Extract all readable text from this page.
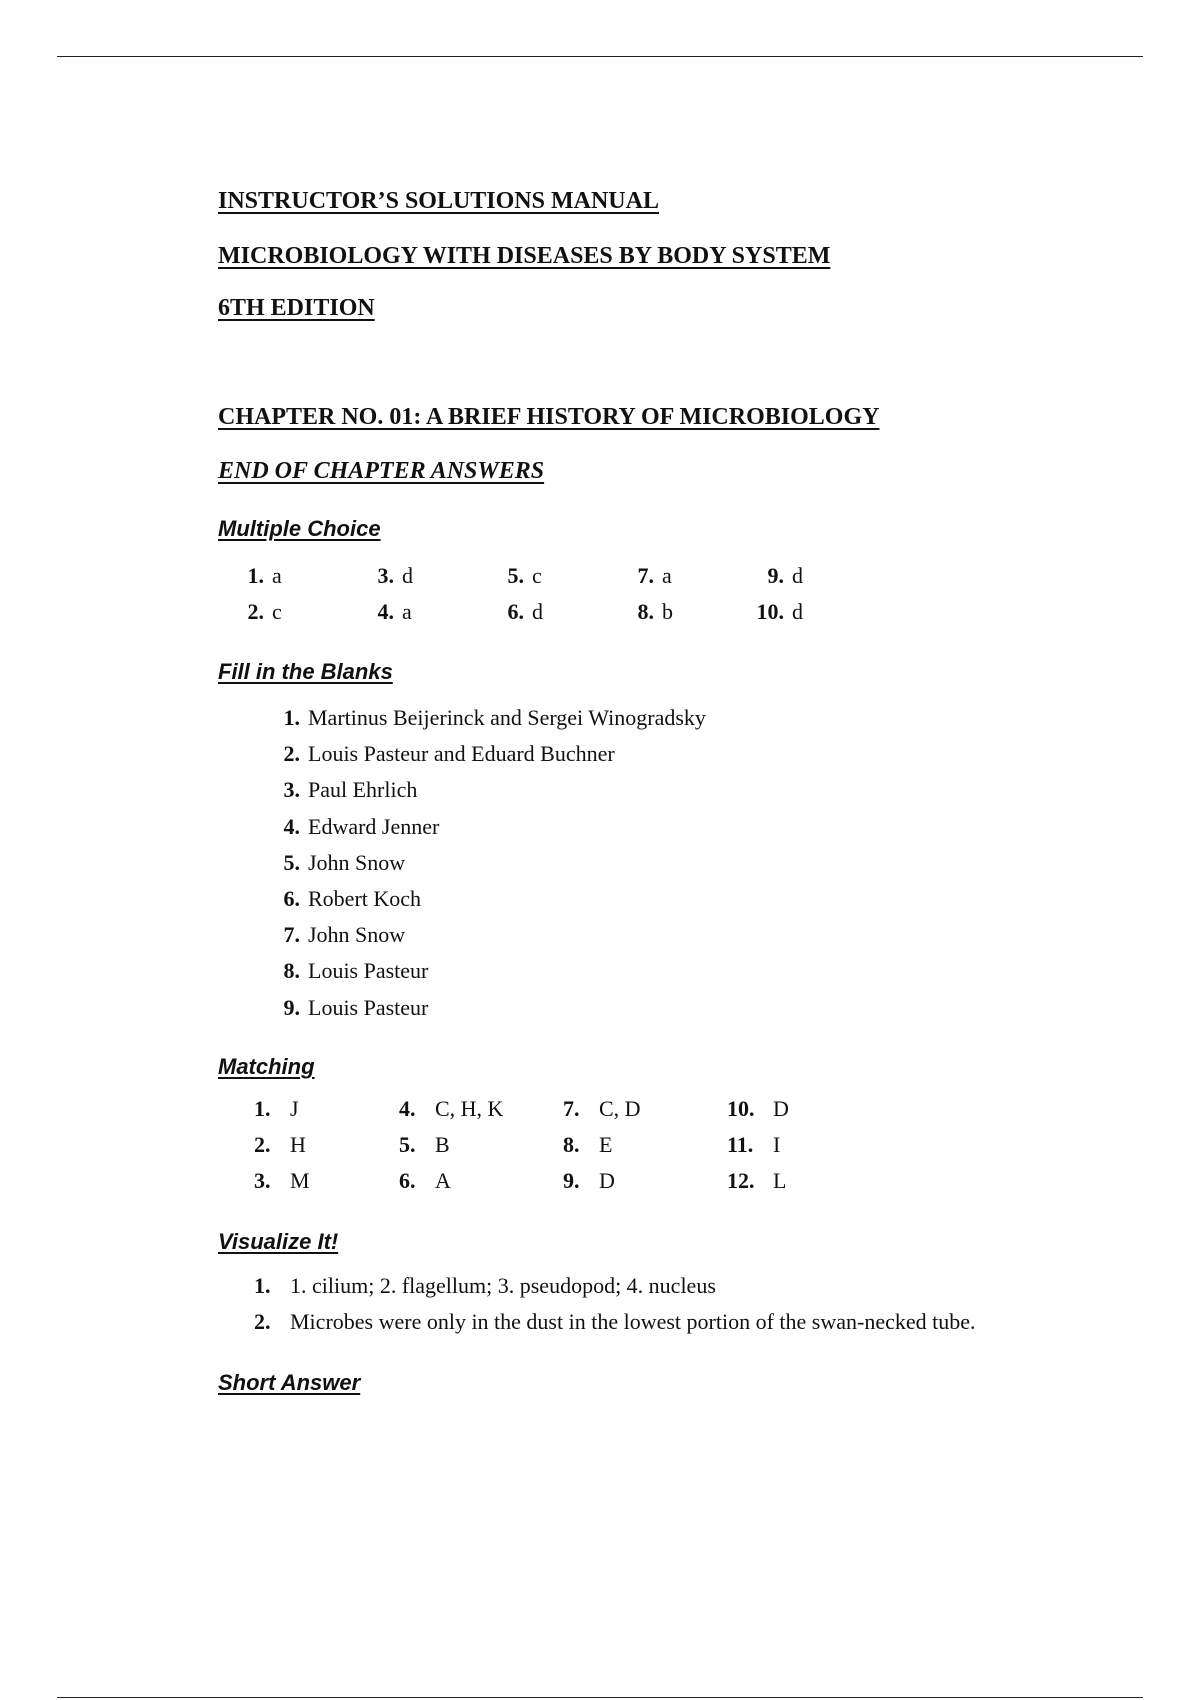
INSTRUCTOR’S SOLUTIONS MANUAL
MICROBIOLOGY WITH DISEASES BY BODY SYSTEM
6TH EDITION
CHAPTER NO. 01: A BRIEF HISTORY OF MICROBIOLOGY
END OF CHAPTER ANSWERS
Multiple Choice
1. a	3. d	5. c	7. a	9. d
2. c	4. a	6. d	8. b	10. d
Fill in the Blanks
1. Martinus Beijerinck and Sergei Winogradsky
2. Louis Pasteur and Eduard Buchner
3. Paul Ehrlich
4. Edward Jenner
5. John Snow
6. Robert Koch
7. John Snow
8. Louis Pasteur
9. Louis Pasteur
Matching
1. J	4. C, H, K	7. C, D	10. D
2. H	5. B	8. E	11. I
3. M	6. A	9. D	12. L
Visualize It!
1. 1. cilium; 2. flagellum; 3. pseudopod; 4. nucleus
2. Microbes were only in the dust in the lowest portion of the swan-necked tube.
Short Answer
